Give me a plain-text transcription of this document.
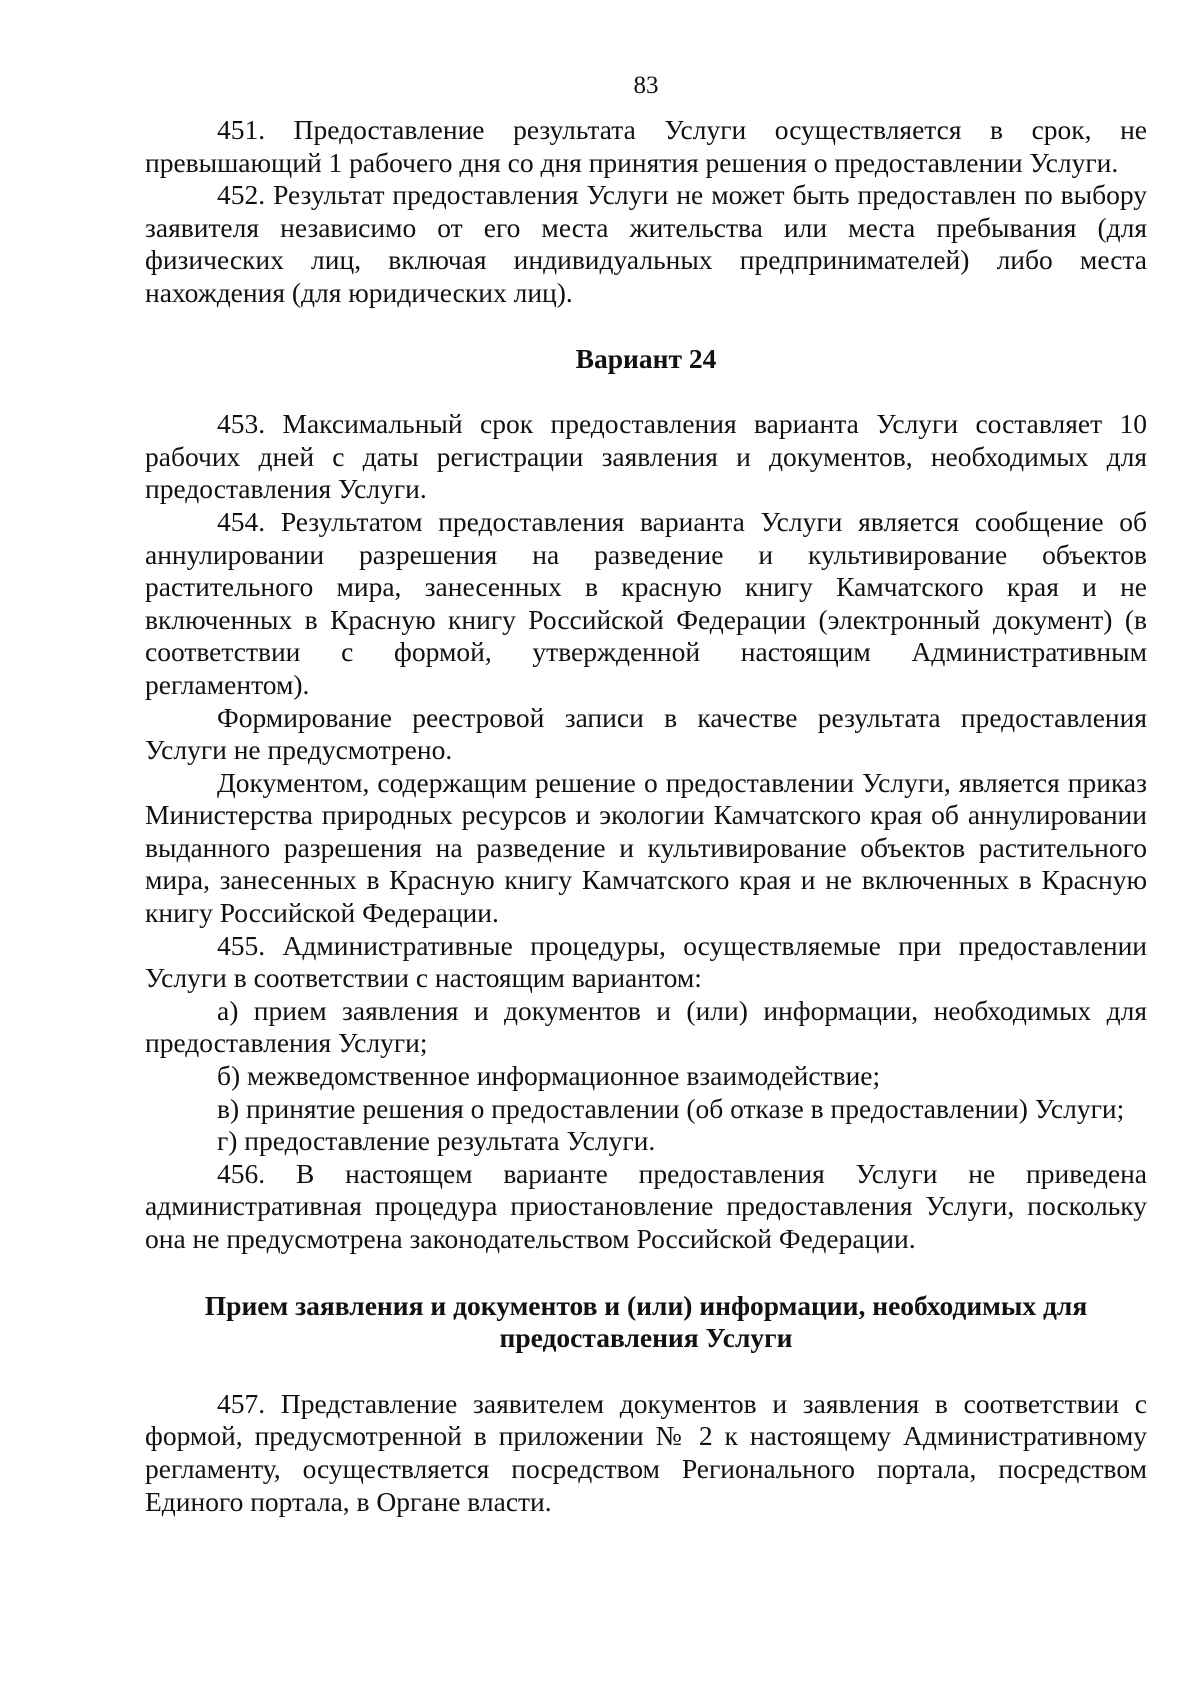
83

451. Предоставление результата Услуги осуществляется в срок, не превышающий 1 рабочего дня со дня принятия решения о предоставлении Услуги.

452. Результат предоставления Услуги не может быть предоставлен по выбору заявителя независимо от его места жительства или места пребывания (для физических лиц, включая индивидуальных предпринимателей) либо места нахождения (для юридических лиц).

Вариант 24

453. Максимальный срок предоставления варианта Услуги составляет 10 рабочих дней с даты регистрации заявления и документов, необходимых для предоставления Услуги.

454. Результатом предоставления варианта Услуги является сообщение об аннулировании разрешения на разведение и культивирование объектов растительного мира, занесенных в красную книгу Камчатского края и не включенных в Красную книгу Российской Федерации (электронный документ) (в соответствии с формой, утвержденной настоящим Административным регламентом).

Формирование реестровой записи в качестве результата предоставления Услуги не предусмотрено.

Документом, содержащим решение о предоставлении Услуги, является приказ Министерства природных ресурсов и экологии Камчатского края об аннулировании выданного разрешения на разведение и культивирование объектов растительного мира, занесенных в Красную книгу Камчатского края и не включенных в Красную книгу Российской Федерации.

455. Административные процедуры, осуществляемые при предоставлении Услуги в соответствии с настоящим вариантом:

а) прием заявления и документов и (или) информации, необходимых для предоставления Услуги;

б) межведомственное информационное взаимодействие;

в) принятие решения о предоставлении (об отказе в предоставлении) Услуги;

г) предоставление результата Услуги.

456. В настоящем варианте предоставления Услуги не приведена административная процедура приостановление предоставления Услуги, поскольку она не предусмотрена законодательством Российской Федерации.

Прием заявления и документов и (или) информации, необходимых для предоставления Услуги

457. Представление заявителем документов и заявления в соответствии с формой, предусмотренной в приложении № 2 к настоящему Административному регламенту, осуществляется посредством Регионального портала, посредством Единого портала, в Органе власти.
